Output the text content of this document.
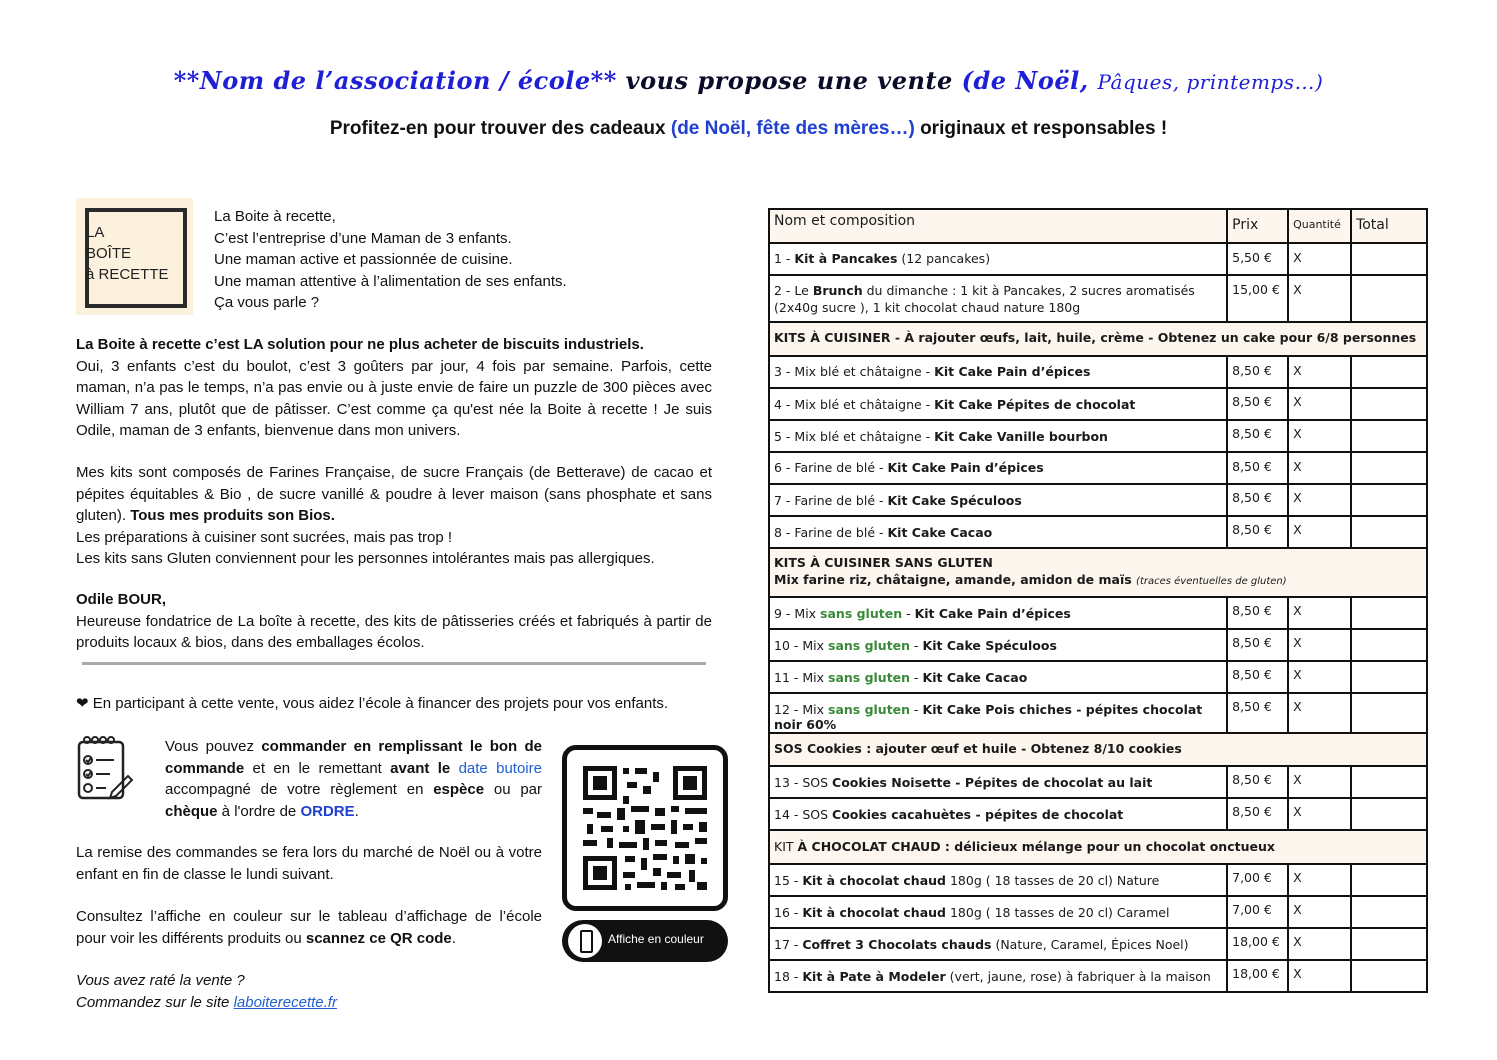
**Nom de l’association / école** vous propose une vente (de Noël, Pâques, printemps…)
Profitez-en pour trouver des cadeaux (de Noël, fête des mères…) originaux et responsables !
LA
BOÎTE
à RECETTE
La Boite à recette,
C’est l’entreprise d’une Maman de 3 enfants.
Une maman active et passionnée de cuisine.
Une maman attentive à l’alimentation de ses enfants.
Ça vous parle ?
La Boite à recette c’est LA solution pour ne plus acheter de biscuits industriels.
Oui, 3 enfants c’est du boulot, c’est 3 goûters par jour, 4 fois par semaine. Parfois, cette maman, n’a pas le temps, n’a pas envie ou à juste envie de faire un puzzle de 300 pièces avec William 7 ans, plutôt que de pâtisser. C’est comme ça qu'est née la Boite à recette ! Je suis Odile, maman de 3 enfants, bienvenue dans mon univers.
Mes kits sont composés de Farines Française, de sucre Français (de Betterave) de cacao et pépites équitables & Bio , de sucre vanillé & poudre à lever maison (sans phosphate et sans gluten). Tous mes produits son Bios.
Les préparations à cuisiner sont sucrées, mais pas trop !
Les kits sans Gluten conviennent pour les personnes intolérantes mais pas allergiques.
Odile BOUR,
Heureuse fondatrice de La boîte à recette, des kits de pâtisseries créés et fabriqués à partir de produits locaux & bios, dans des emballages écolos.
❤ En participant à cette vente, vous aidez l’école à financer des projets pour vos enfants.
Vous pouvez commander en remplissant le bon de commande et en le remettant avant le date butoire accompagné de votre règlement en espèce ou par chèque à l'ordre de ORDRE.
La remise des commandes se fera lors du marché de Noël ou à votre enfant en fin de classe le lundi suivant.
Consultez l’affiche en couleur sur le tableau d’affichage de l’école pour voir les différents produits ou scannez ce QR code.	Affiche en couleur
Vous avez raté la vente ?
Commandez sur le site laboiterecette.fr
Nom et composition	Prix	Quantité	Total
1 - Kit à Pancakes (12 pancakes)	5,50 €	X	
2 - Le Brunch du dimanche : 1 kit à Pancakes, 2 sucres aromatisés (2x40g sucre ), 1 kit chocolat chaud nature 180g	15,00 €	X	
KITS À CUISINER - À rajouter œufs, lait, huile, crème - Obtenez un cake pour 6/8 personnes			
3 - Mix blé et châtaigne - Kit Cake Pain d’épices	8,50 €	X	
4 - Mix blé et châtaigne - Kit Cake Pépites de chocolat	8,50 €	X	
5 - Mix blé et châtaigne - Kit Cake Vanille bourbon	8,50 €	X	
6 - Farine de blé - Kit Cake Pain d’épices	8,50 €	X	
7 - Farine de blé - Kit Cake Spéculoos	8,50 €	X	
8 - Farine de blé - Kit Cake Cacao	8,50 €	X	

KITS À CUISINER SANS GLUTEN
Mix farine riz, châtaigne, amande, amidon de maïs (traces éventuelles de gluten)			
9 - Mix sans gluten - Kit Cake Pain d’épices	8,50 €	X	
10 - Mix sans gluten - Kit Cake Spéculoos	8,50 €	X	
11 - Mix sans gluten - Kit Cake Cacao	8,50 €	X	
12 - Mix sans gluten - Kit Cake Pois chiches - pépites chocolat noir 60%	8,50 €	X	
SOS Cookies : ajouter œuf et huile - Obtenez 8/10 cookies			
13 - SOS Cookies Noisette - Pépites de chocolat au lait	8,50 €	X	
14 - SOS Cookies cacahuètes - pépites de chocolat	8,50 €	X	
KIT À CHOCOLAT CHAUD : délicieux mélange pour un chocolat onctueux			
15 - Kit à chocolat chaud 180g ( 18 tasses de 20 cl) Nature	7,00 €	X	
16 - Kit à chocolat chaud 180g ( 18 tasses de 20 cl) Caramel	7,00 €	X	
17 - Coffret 3 Chocolats chauds (Nature, Caramel, Épices Noel)	18,00 €	X	
18 - Kit à Pate à Modeler (vert, jaune, rose) à fabriquer à la maison	18,00 €	X	
